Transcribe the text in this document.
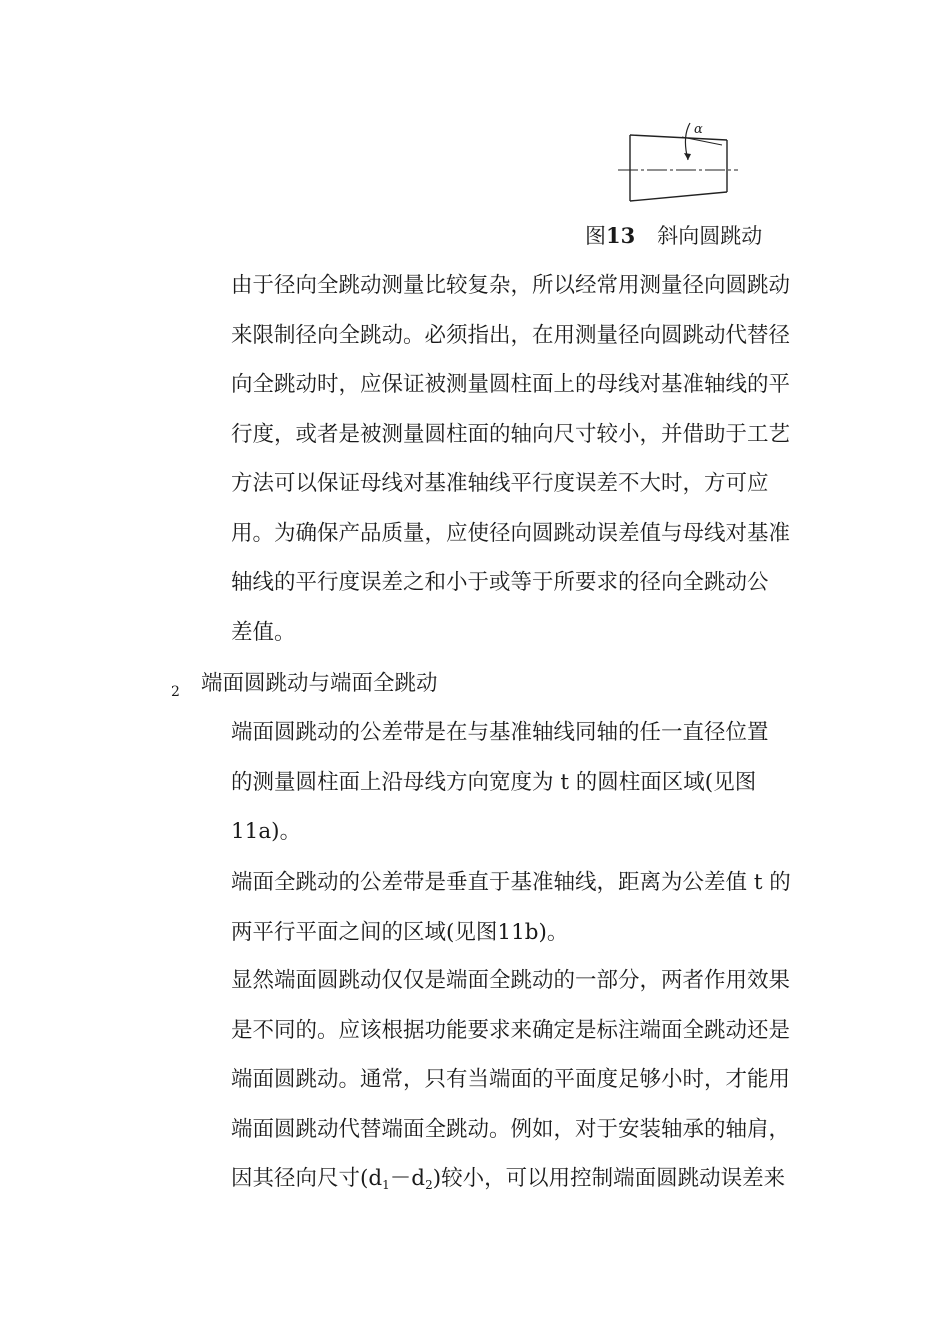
α
图13 斜向圆跳动
由于径向全跳动测量比较复杂，所以经常用测量径向圆跳动
来限制径向全跳动。必须指出，在用测量径向圆跳动代替径
向全跳动时，应保证被测量圆柱面上的母线对基准轴线的平
行度，或者是被测量圆柱面的轴向尺寸较小，并借助于工艺
方法可以保证母线对基准轴线平行度误差不大时，方可应
用。为确保产品质量，应使径向圆跳动误差值与母线对基准
轴线的平行度误差之和小于或等于所要求的径向全跳动公
差值。
2 端面圆跳动与端面全跳动
端面圆跳动的公差带是在与基准轴线同轴的任一直径位置
的测量圆柱面上沿母线方向宽度为 t 的圆柱面区域(见图
11a)。
端面全跳动的公差带是垂直于基准轴线，距离为公差值 t 的
两平行平面之间的区域(见图11b)。
显然端面圆跳动仅仅是端面全跳动的一部分，两者作用效果
是不同的。应该根据功能要求来确定是标注端面全跳动还是
端面圆跳动。通常，只有当端面的平面度足够小时，才能用
端面圆跳动代替端面全跳动。例如，对于安装轴承的轴肩，
因其径向尺寸$(d_1-d_2)$较小，可以用控制端面圆跳动误差来
